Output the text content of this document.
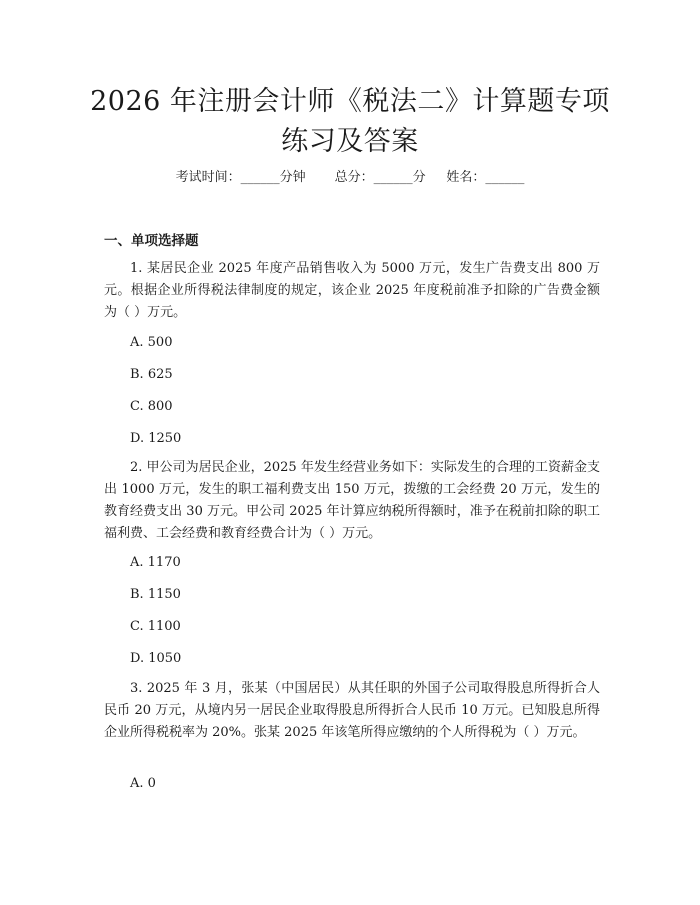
2026 年注册会计师《税法二》计算题专项练习及答案
考试时间：______分钟 总分：______分 姓名：______
一、单项选择题

1. 某居民企业 2025 年度产品销售收入为 5000 万元，发生广告费支出 800 万元。根据企业所得税法律制度的规定，该企业 2025 年度税前准予扣除的广告费金额为（ ）万元。

A. 500

B. 625

C. 800

D. 1250

2. 甲公司为居民企业，2025 年发生经营业务如下：实际发生的合理的工资薪金支出 1000 万元，发生的职工福利费支出 150 万元，拨缴的工会经费 20 万元，发生的教育经费支出 30 万元。甲公司 2025 年计算应纳税所得额时，准予在税前扣除的职工福利费、工会经费和教育经费合计为（ ）万元。

A. 1170

B. 1150

C. 1100

D. 1050

3. 2025 年 3 月，张某（中国居民）从其任职的外国子公司取得股息所得折合人民币 20 万元，从境内另一居民企业取得股息所得折合人民币 10 万元。已知股息所得企业所得税税率为 20%。张某 2025 年该笔所得应缴纳的个人所得税为（ ）万元。

A. 0
